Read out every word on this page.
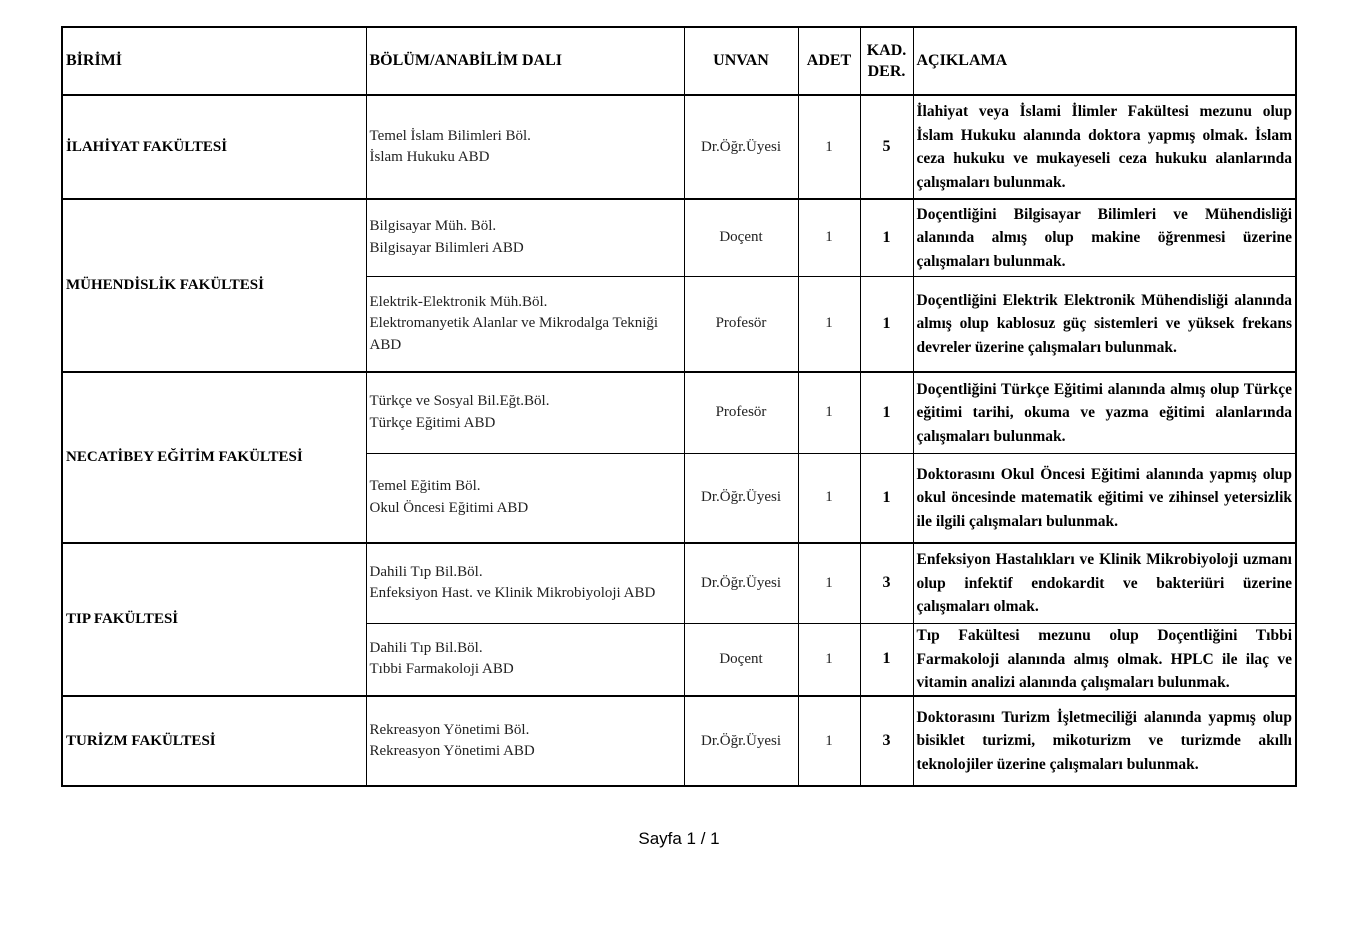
BİRİMİ	BÖLÜM/ANABİLİM DALI	UNVAN	ADET	KAD.
DER.	AÇIKLAMA
İLAHİYAT FAKÜLTESİ	Temel İslam Bilimleri Böl.
İslam Hukuku ABD	Dr.Öğr.Üyesi	1	5	İlahiyat veya İslami İlimler Fakültesi mezunu olup İslam Hukuku alanında doktora yapmış olmak. İslam ceza hukuku ve mukayeseli ceza hukuku alanlarında çalışmaları bulunmak.
MÜHENDİSLİK FAKÜLTESİ	Bilgisayar Müh. Böl.
Bilgisayar Bilimleri ABD	Doçent	1	1	Doçentliğini Bilgisayar Bilimleri ve Mühendisliği alanında almış olup makine öğrenmesi üzerine çalışmaları bulunmak.
	Elektrik-Elektronik Müh.Böl.
Elektromanyetik Alanlar ve Mikrodalga Tekniği ABD	Profesör	1	1	Doçentliğini Elektrik Elektronik Mühendisliği alanında almış olup kablosuz güç sistemleri ve yüksek frekans devreler üzerine çalışmaları bulunmak.
NECATİBEY EĞİTİM FAKÜLTESİ	Türkçe ve Sosyal Bil.Eğt.Böl.
Türkçe Eğitimi ABD	Profesör	1	1	Doçentliğini Türkçe Eğitimi alanında almış olup Türkçe eğitimi tarihi, okuma ve yazma eğitimi alanlarında çalışmaları bulunmak.
	Temel Eğitim Böl.
Okul Öncesi Eğitimi ABD	Dr.Öğr.Üyesi	1	1	Doktorasını Okul Öncesi Eğitimi alanında yapmış olup okul öncesinde matematik eğitimi ve zihinsel yetersizlik ile ilgili çalışmaları bulunmak.
TIP FAKÜLTESİ	Dahili Tıp Bil.Böl.
Enfeksiyon Hast. ve Klinik Mikrobiyoloji ABD	Dr.Öğr.Üyesi	1	3	Enfeksiyon Hastalıkları ve Klinik Mikrobiyoloji uzmanı olup infektif endokardit ve bakteriüri üzerine çalışmaları olmak.
	Dahili Tıp Bil.Böl.
Tıbbi Farmakoloji ABD	Doçent	1	1	Tıp Fakültesi mezunu olup Doçentliğini Tıbbi Farmakoloji alanında almış olmak. HPLC ile ilaç ve vitamin analizi alanında çalışmaları bulunmak.
TURİZM FAKÜLTESİ	Rekreasyon Yönetimi Böl.
Rekreasyon Yönetimi ABD	Dr.Öğr.Üyesi	1	3	Doktorasını Turizm İşletmeciliği alanında yapmış olup bisiklet turizmi, mikoturizm ve turizmde akıllı teknolojiler üzerine çalışmaları bulunmak.
Sayfa 1 / 1
